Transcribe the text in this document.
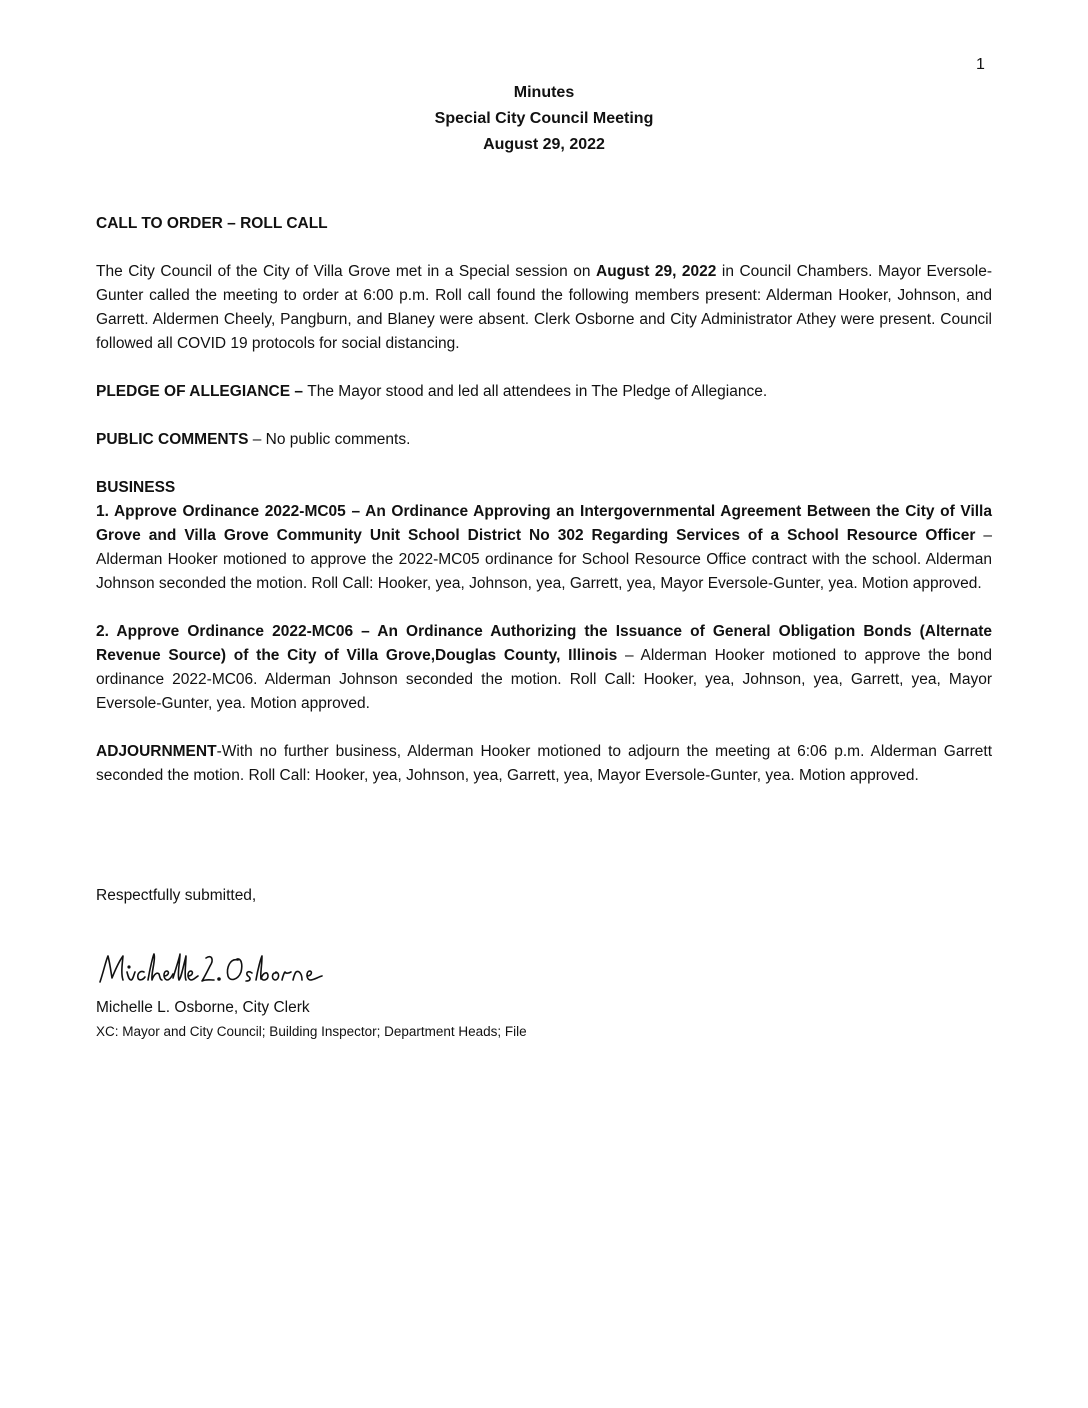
1
Minutes
Special City Council Meeting
August 29, 2022

CALL TO ORDER – ROLL CALL

The City Council of the City of Villa Grove met in a Special session on August 29, 2022 in Council Chambers. Mayor Eversole-Gunter called the meeting to order at 6:00 p.m. Roll call found the following members present: Alderman Hooker, Johnson, and Garrett. Aldermen Cheely, Pangburn, and Blaney were absent. Clerk Osborne and City Administrator Athey were present. Council followed all COVID 19 protocols for social distancing.

PLEDGE OF ALLEGIANCE – The Mayor stood and led all attendees in The Pledge of Allegiance.

PUBLIC COMMENTS – No public comments.

BUSINESS

1. Approve Ordinance 2022-MC05 – An Ordinance Approving an Intergovernmental Agreement Between the City of Villa Grove and Villa Grove Community Unit School District No 302 Regarding Services of a School Resource Officer – Alderman Hooker motioned to approve the 2022-MC05 ordinance for School Resource Office contract with the school. Alderman Johnson seconded the motion. Roll Call: Hooker, yea, Johnson, yea, Garrett, yea, Mayor Eversole-Gunter, yea. Motion approved.

2. Approve Ordinance 2022-MC06 – An Ordinance Authorizing the Issuance of General Obligation Bonds (Alternate Revenue Source) of the City of Villa Grove,Douglas County, Illinois – Alderman Hooker motioned to approve the bond ordinance 2022-MC06. Alderman Johnson seconded the motion. Roll Call: Hooker, yea, Johnson, yea, Garrett, yea, Mayor Eversole-Gunter, yea. Motion approved.

ADJOURNMENT-With no further business, Alderman Hooker motioned to adjourn the meeting at 6:06 p.m. Alderman Garrett seconded the motion. Roll Call: Hooker, yea, Johnson, yea, Garrett, yea, Mayor Eversole-Gunter, yea. Motion approved.

Respectfully submitted,
Michelle L. Osborne, City Clerk
XC: Mayor and City Council; Building Inspector; Department Heads; File
